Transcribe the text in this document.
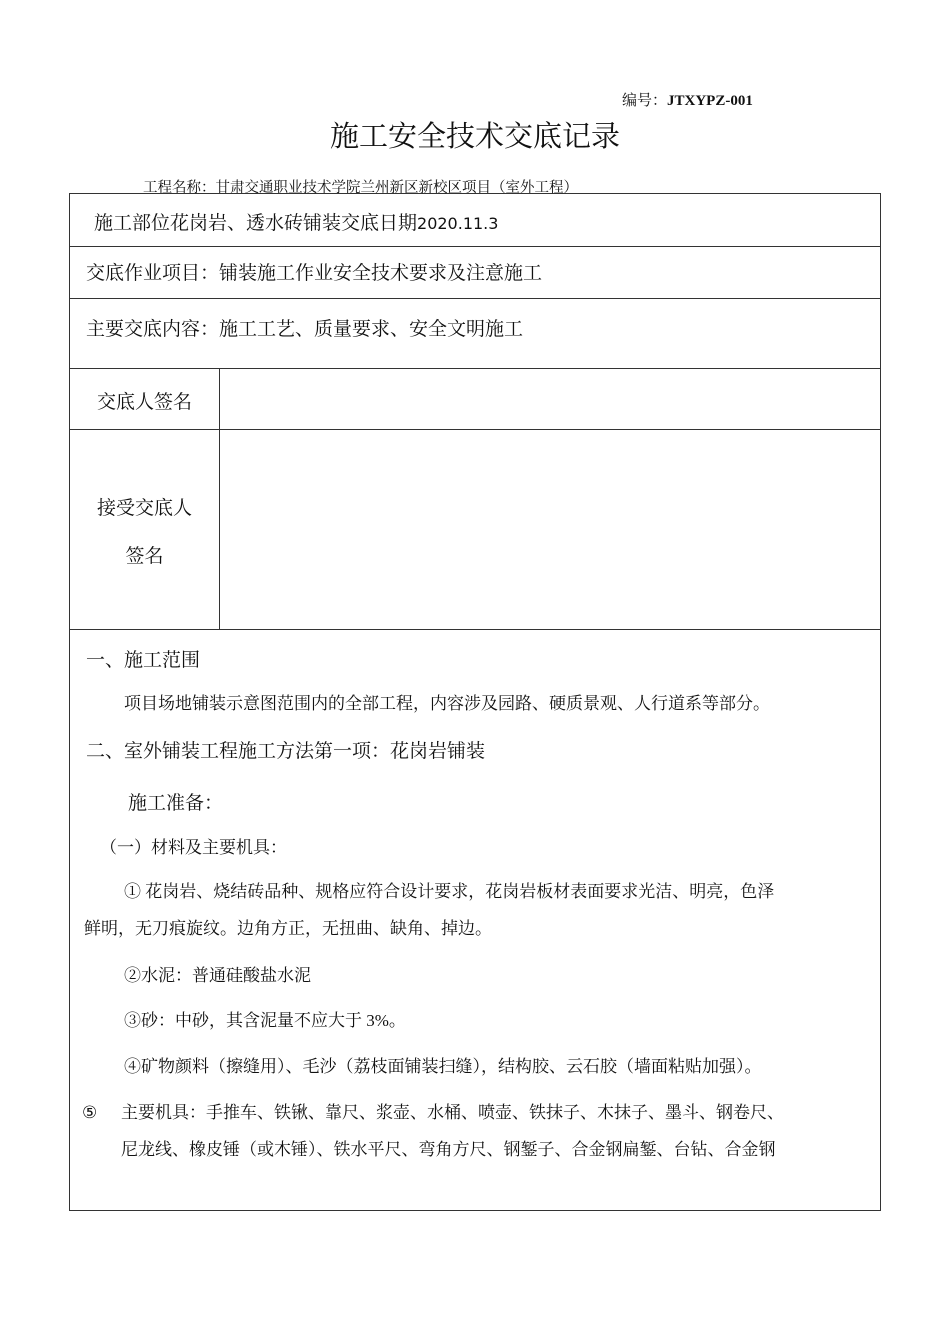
编号：JTXYPZ-001
施工安全技术交底记录
工程名称：甘肃交通职业技术学院兰州新区新校区项目（室外工程）
施工部位花岗岩、透水砖铺装交底日期2020.11.3
交底作业项目：铺装施工作业安全技术要求及注意施工
主要交底内容：施工工艺、质量要求、安全文明施工
交底人签名
接受交底人
签名
一、施工范围
项目场地铺装示意图范围内的全部工程，内容涉及园路、硬质景观、人行道系等部分。
二、室外铺装工程施工方法第一项：花岗岩铺装
施工准备：
（一）材料及主要机具：
① 花岗岩、烧结砖品种、规格应符合设计要求，花岗岩板材表面要求光洁、明亮，色泽
鲜明，无刀痕旋纹。边角方正，无扭曲、缺角、掉边。
②水泥：普通硅酸盐水泥
③砂：中砂，其含泥量不应大于 3%。
④矿物颜料（擦缝用）、毛沙（荔枝面铺装扫缝），结构胶、云石胶（墙面粘贴加强）。
⑤ 主要机具：手推车、铁锹、靠尺、浆壶、水桶、喷壶、铁抹子、木抹子、墨斗、钢卷尺、
尼龙线、橡皮锤（或木锤）、铁水平尺、弯角方尺、钢錾子、合金钢扁錾、台钻、合金钢
